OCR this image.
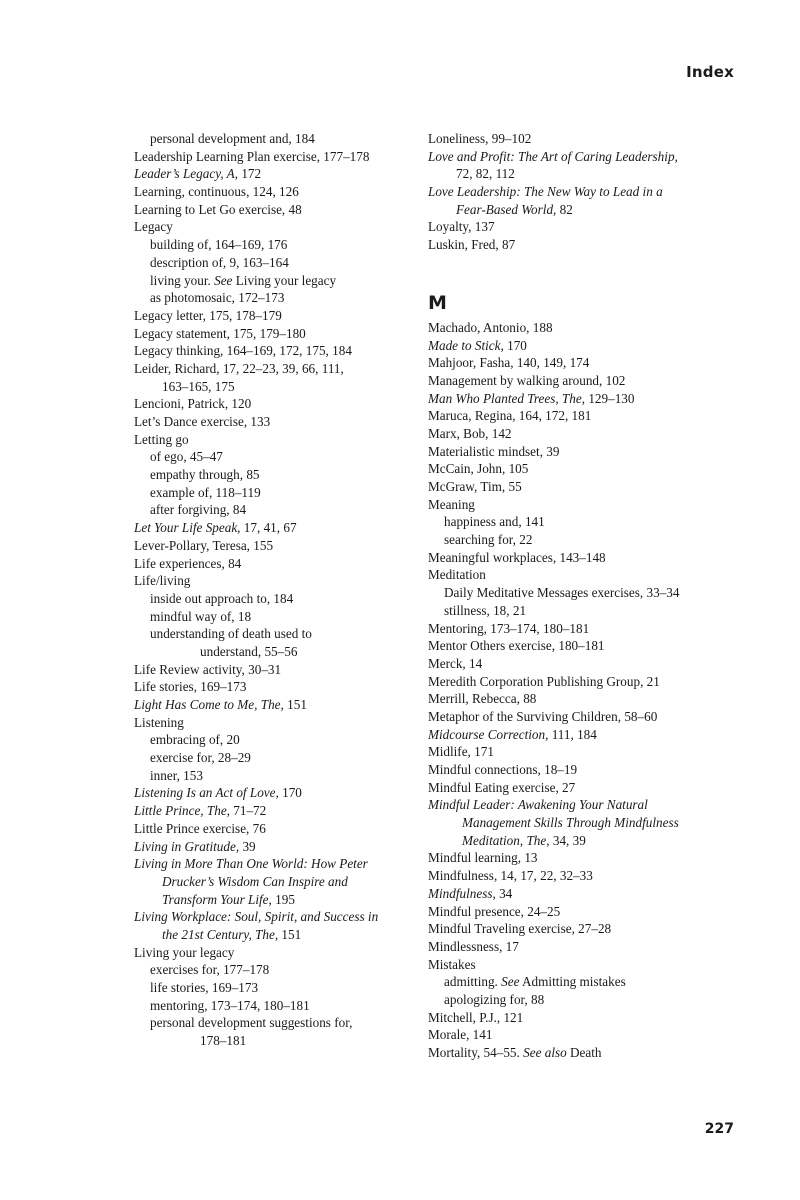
Index
personal development and, 184
Leadership Learning Plan exercise, 177–178
Leader’s Legacy, A, 172
Learning, continuous, 124, 126
Learning to Let Go exercise, 48
Legacy
building of, 164–169, 176
description of, 9, 163–164
living your. See Living your legacy
as photomosaic, 172–173
Legacy letter, 175, 178–179
Legacy statement, 175, 179–180
Legacy thinking, 164–169, 172, 175, 184
Leider, Richard, 17, 22–23, 39, 66, 111,
163–165, 175
Lencioni, Patrick, 120
Let’s Dance exercise, 133
Letting go
of ego, 45–47
empathy through, 85
example of, 118–119
after forgiving, 84
Let Your Life Speak, 17, 41, 67
Lever-Pollary, Teresa, 155
Life experiences, 84
Life/living
inside out approach to, 184
mindful way of, 18
understanding of death used to
understand, 55–56
Life Review activity, 30–31
Life stories, 169–173
Light Has Come to Me, The, 151
Listening
embracing of, 20
exercise for, 28–29
inner, 153
Listening Is an Act of Love, 170
Little Prince, The, 71–72
Little Prince exercise, 76
Living in Gratitude, 39
Living in More Than One World: How Peter
Drucker’s Wisdom Can Inspire and
Transform Your Life, 195
Living Workplace: Soul, Spirit, and Success in
the 21st Century, The, 151
Living your legacy
exercises for, 177–178
life stories, 169–173
mentoring, 173–174, 180–181
personal development suggestions for,
178–181
Loneliness, 99–102
Love and Profit: The Art of Caring Leadership,
72, 82, 112
Love Leadership: The New Way to Lead in a
Fear-Based World, 82
Loyalty, 137
Luskin, Fred, 87
M
Machado, Antonio, 188
Made to Stick, 170
Mahjoor, Fasha, 140, 149, 174
Management by walking around, 102
Man Who Planted Trees, The, 129–130
Maruca, Regina, 164, 172, 181
Marx, Bob, 142
Materialistic mindset, 39
McCain, John, 105
McGraw, Tim, 55
Meaning
happiness and, 141
searching for, 22
Meaningful workplaces, 143–148
Meditation
Daily Meditative Messages exercises, 33–34
stillness, 18, 21
Mentoring, 173–174, 180–181
Mentor Others exercise, 180–181
Merck, 14
Meredith Corporation Publishing Group, 21
Merrill, Rebecca, 88
Metaphor of the Surviving Children, 58–60
Midcourse Correction, 111, 184
Midlife, 171
Mindful connections, 18–19
Mindful Eating exercise, 27
Mindful Leader: Awakening Your Natural
Management Skills Through Mindfulness
Meditation, The, 34, 39
Mindful learning, 13
Mindfulness, 14, 17, 22, 32–33
Mindfulness, 34
Mindful presence, 24–25
Mindful Traveling exercise, 27–28
Mindlessness, 17
Mistakes
admitting. See Admitting mistakes
apologizing for, 88
Mitchell, P.J., 121
Morale, 141
Mortality, 54–55. See also Death
227
